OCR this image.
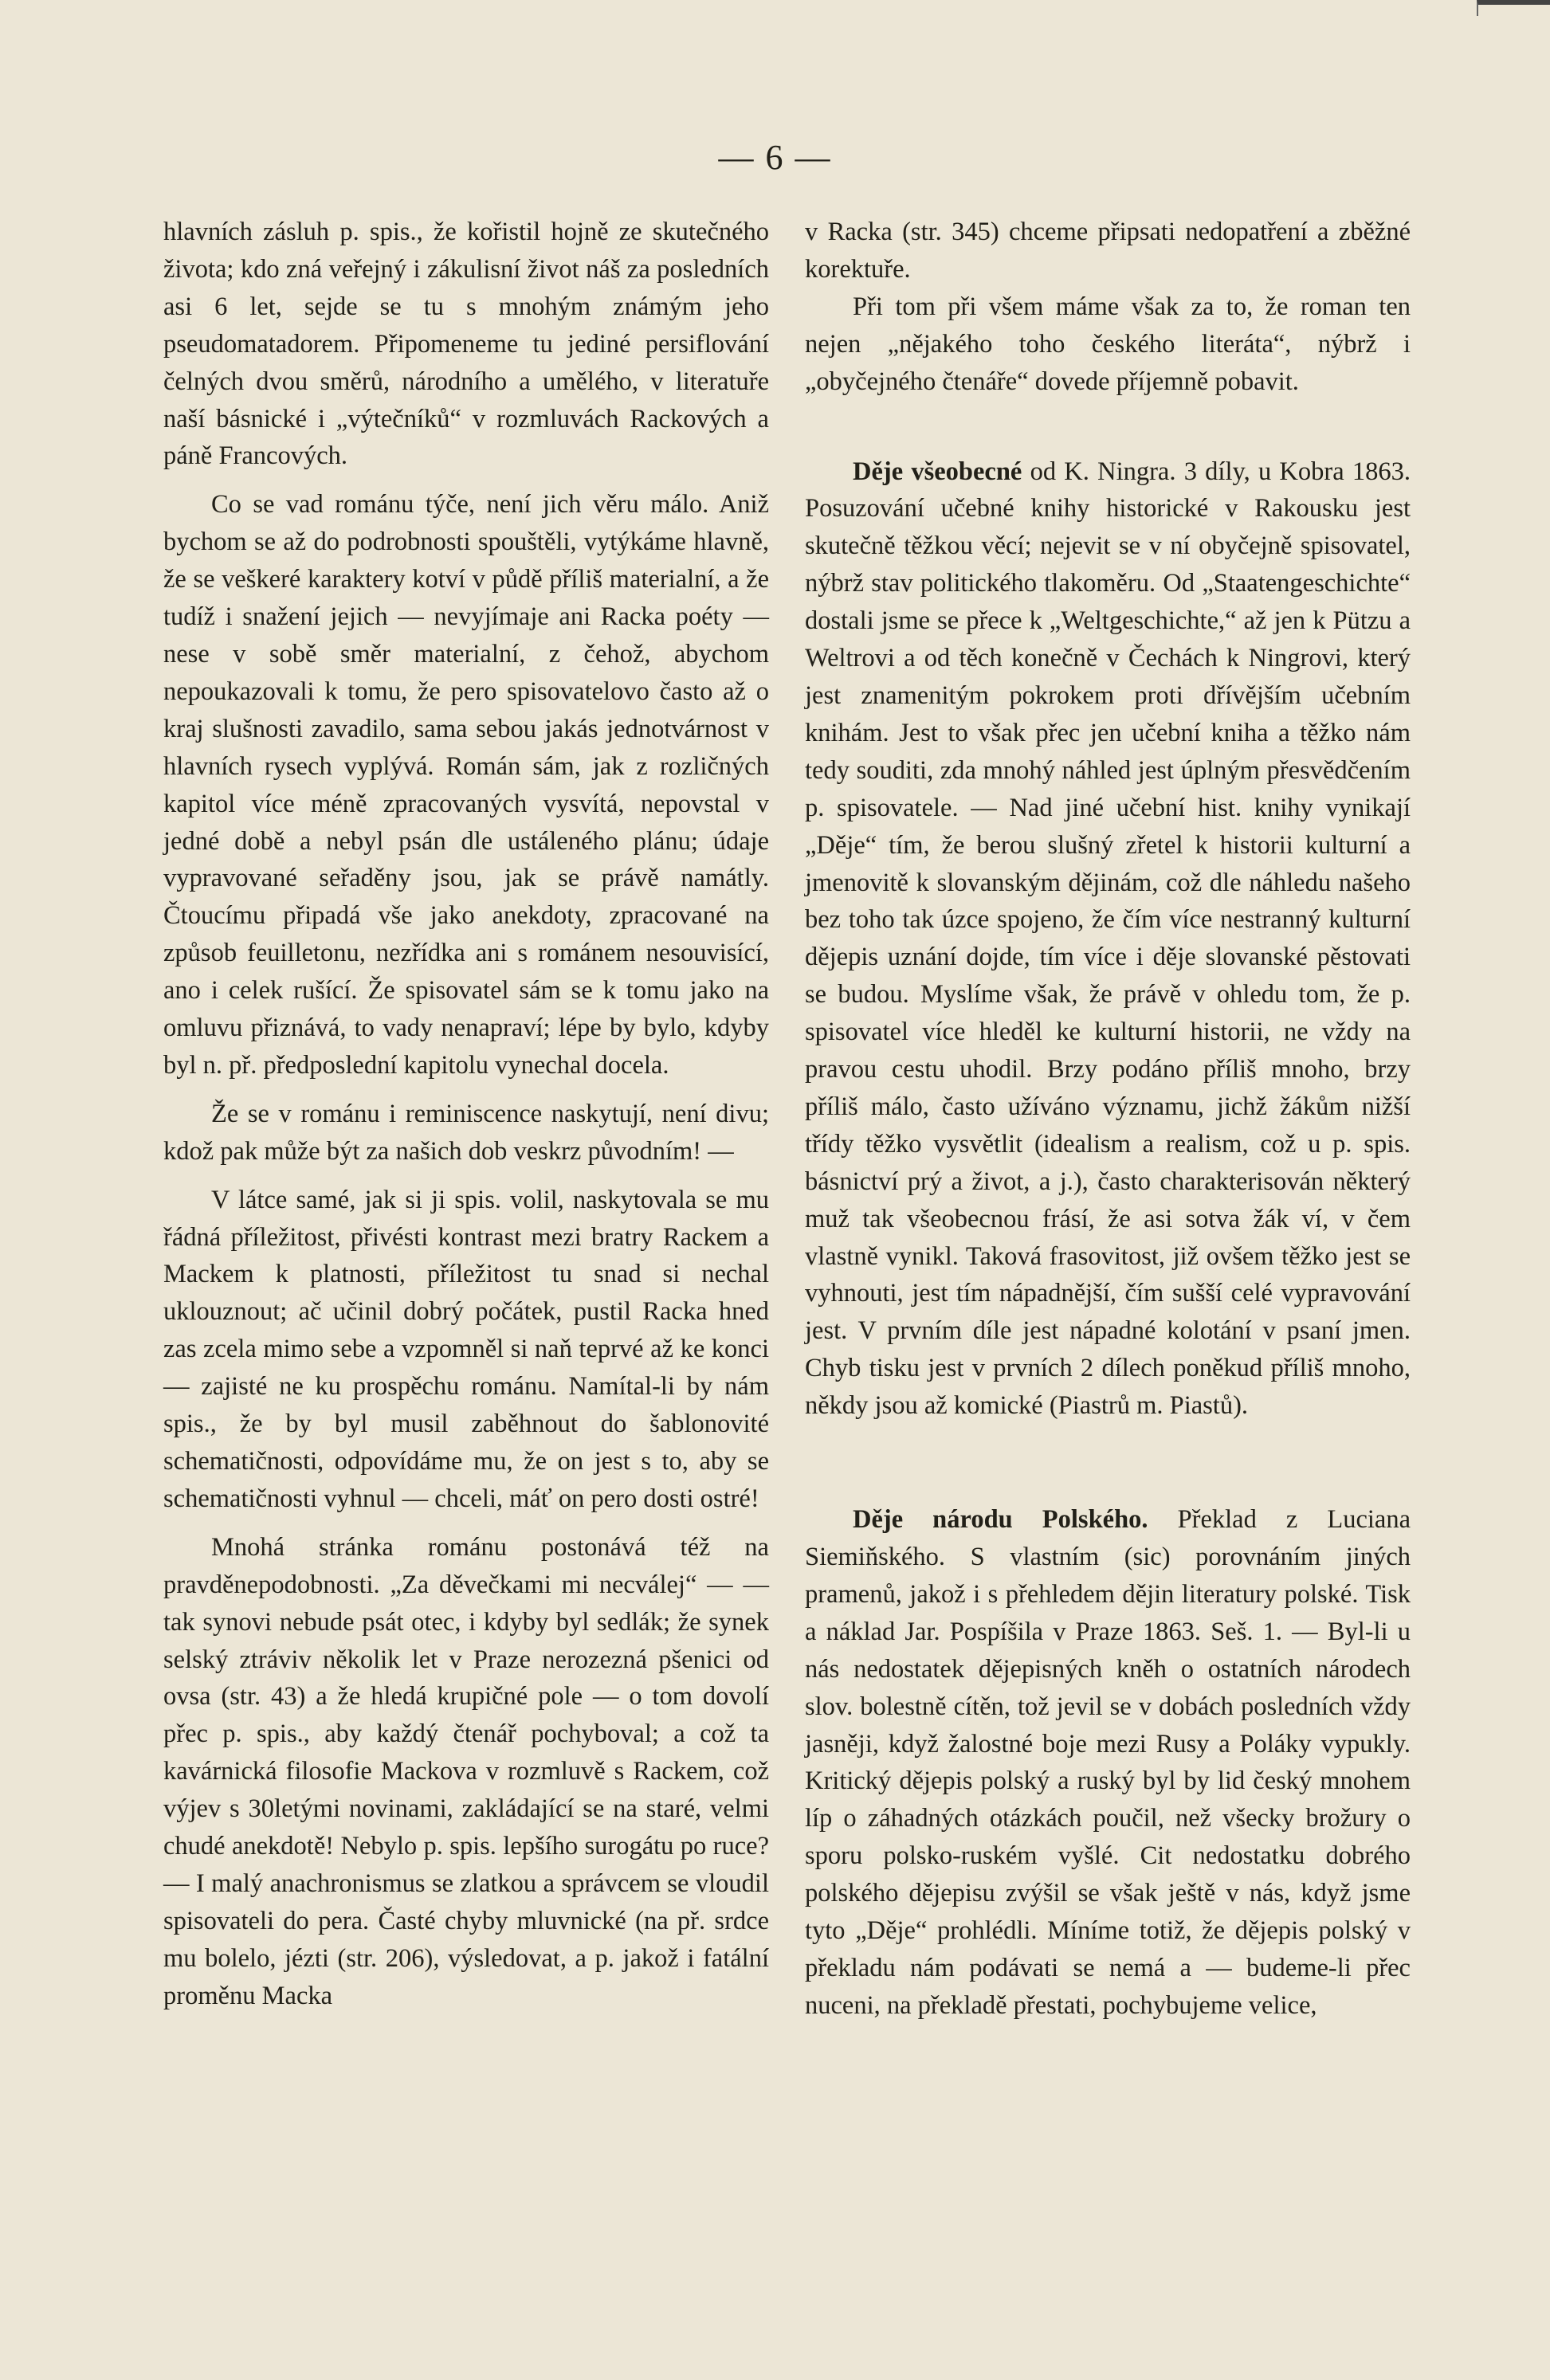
— 6 —

hlavních zásluh p. spis., že kořistil hojně ze skutečného života; kdo zná veřejný i zákulisní život náš za posledních asi 6 let, sejde se tu s mnohým známým jeho pseudomatadorem. Připomeneme tu jediné persiflování čelných dvou směrů, národního a umělého, v literatuře naší básnické i „výtečníků“ v rozmluvách Rackových a páně Francových.

Co se vad románu týče, není jich věru málo. Aniž bychom se až do podrobnosti spouštěli, vytýkáme hlavně, že se veškeré karaktery kotví v půdě příliš materialní, a že tudíž i snažení jejich — nevyjímaje ani Racka poéty — nese v sobě směr materialní, z čehož, abychom nepoukazovali k tomu, že pero spisovatelovo často až o kraj slušnosti zavadilo, sama sebou jakás jednotvárnost v hlavních rysech vyplývá. Román sám, jak z rozličných kapitol více méně zpracovaných vysvítá, nepovstal v jedné době a nebyl psán dle ustáleného plánu; údaje vypravované seřaděny jsou, jak se právě namátly. Čtoucímu připadá vše jako anekdoty, zpracované na způsob feuilletonu, nezřídka ani s románem nesouvisící, ano i celek rušící. Že spisovatel sám se k tomu jako na omluvu přiznává, to vady nenapraví; lépe by bylo, kdyby byl n. př. předposlední kapitolu vynechal docela.

Že se v románu i reminiscence naskytují, není divu; kdož pak může být za našich dob veskrz původním! —

V látce samé, jak si ji spis. volil, naskytovala se mu řádná příležitost, přivésti kontrast mezi bratry Rackem a Mackem k platnosti, příležitost tu snad si nechal uklouznout; ač učinil dobrý počátek, pustil Racka hned zas zcela mimo sebe a vzpomněl si naň teprvé až ke konci — zajisté ne ku prospěchu románu. Namítal-li by nám spis., že by byl musil zaběhnout do šablonovité schematičnosti, odpovídáme mu, že on jest s to, aby se schematičnosti vyhnul — chceli, máť on pero dosti ostré!

Mnohá stránka románu postonává též na pravděnepodobnosti. „Za děvečkami mi necválej“ — — tak synovi nebude psát otec, i kdyby byl sedlák; že synek selský ztráviv několik let v Praze nerozezná pšenici od ovsa (str. 43) a že hledá krupičné pole — o tom dovolí přec p. spis., aby každý čtenář pochyboval; a což ta kavárnická filosofie Mackova v rozmluvě s Rackem, což výjev s 30letými novinami, zakládající se na staré, velmi chudé anekdotě! Nebylo p. spis. lepšího surogátu po ruce? — I malý anachronismus se zlatkou a správcem se vloudil spisovateli do pera. Časté chyby mluvnické (na př. srdce mu bolelo, jézti (str. 206), výsledovat, a p. jakož i fatální proměnu Macka

v Racka (str. 345) chceme připsati nedopatření a zběžné korektuře.

Při tom při všem máme však za to, že roman ten nejen „nějakého toho českého literáta“, nýbrž i „obyčejného čtenáře“ dovede příjemně pobavit.

Děje všeobecné od K. Ningra. 3 díly, u Kobra 1863. Posuzování učebné knihy historické v Rakousku jest skutečně těžkou věcí; nejevit se v ní obyčejně spisovatel, nýbrž stav politického tlakoměru. Od „Staatengeschichte“ dostali jsme se přece k „Weltgeschichte,“ až jen k Pützu a Weltrovi a od těch konečně v Čechách k Ningrovi, který jest znamenitým pokrokem proti dřívějším učebním knihám. Jest to však přec jen učební kniha a těžko nám tedy souditi, zda mnohý náhled jest úplným přesvědčením p. spisovatele. — Nad jiné učební hist. knihy vynikají „Děje“ tím, že berou slušný zřetel k historii kulturní a jmenovitě k slovanským dějinám, což dle náhledu našeho bez toho tak úzce spojeno, že čím více nestranný kulturní dějepis uznání dojde, tím více i děje slovanské pěstovati se budou. Myslíme však, že právě v ohledu tom, že p. spisovatel více hleděl ke kulturní historii, ne vždy na pravou cestu uhodil. Brzy podáno příliš mnoho, brzy příliš málo, často užíváno významu, jichž žákům nižší třídy těžko vysvětlit (idealism a realism, což u p. spis. básnictví prý a život, a j.), často charakterisován některý muž tak všeobecnou frásí, že asi sotva žák ví, v čem vlastně vynikl. Taková frasovitost, již ovšem těžko jest se vyhnouti, jest tím nápadnější, čím sušší celé vypravování jest. V prvním díle jest nápadné kolotání v psaní jmen. Chyb tisku jest v prvních 2 dílech poněkud příliš mnoho, někdy jsou až komické (Piastrů m. Piastů).

Děje národu Polského. Překlad z Luciana Siemiňského. S vlastním (sic) porovnáním jiných pramenů, jakož i s přehledem dějin literatury polské. Tisk a náklad Jar. Pospíšila v Praze 1863. Seš. 1. — Byl-li u nás nedostatek dějepisných kněh o ostatních národech slov. bolestně cítěn, tož jevil se v dobách posledních vždy jasněji, když žalostné boje mezi Rusy a Poláky vypukly. Kritický dějepis polský a ruský byl by lid český mnohem líp o záhadných otázkách poučil, než všecky brožury o sporu polsko-ruském vyšlé. Cit nedostatku dobrého polského dějepisu zvýšil se však ještě v nás, když jsme tyto „Děje“ prohlédli. Míníme totiž, že dějepis polský v překladu nám podávati se nemá a — budeme-li přec nuceni, na překladě přestati, pochybujeme velice,
